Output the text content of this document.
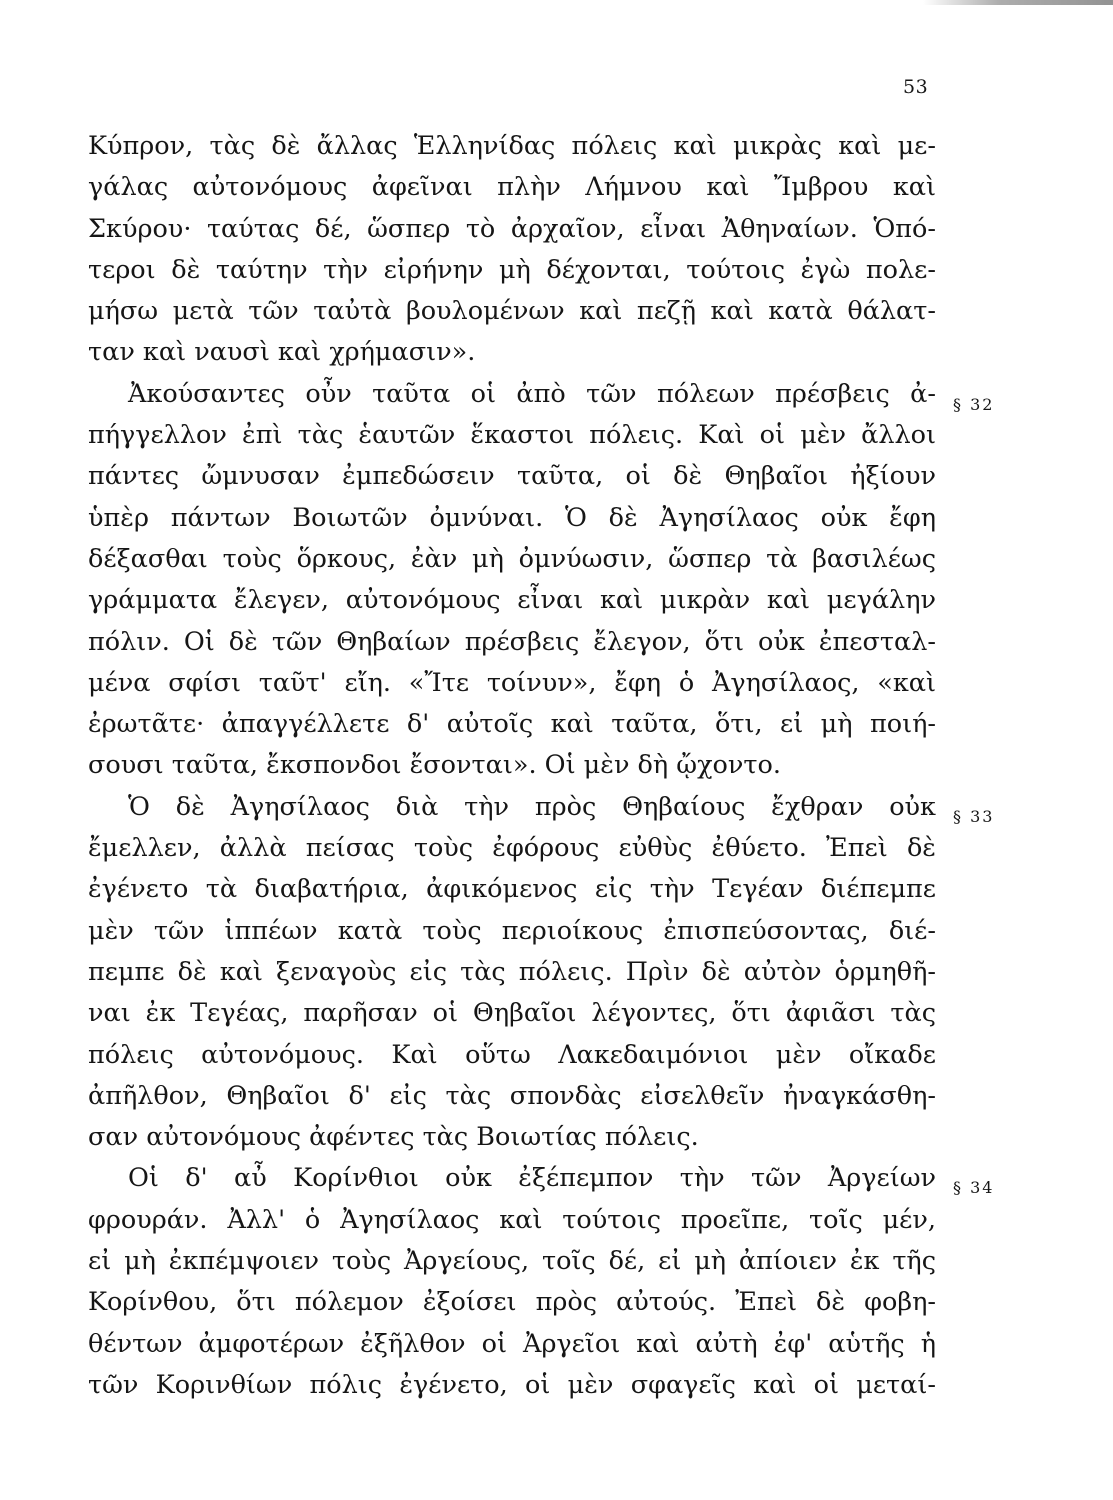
53
Κύπρον, τὰς δὲ ἄλλας Ἑλληνίδας πόλεις καὶ μικρὰς καὶ με-
γάλας αὐτονόμους ἀφεῖναι πλὴν Λήμνου καὶ Ἴμβρου καὶ
Σκύρου· ταύτας δέ, ὥσπερ τὸ ἀρχαῖον, εἶναι Ἀθηναίων. Ὁπό-
τεροι δὲ ταύτην τὴν εἰρήνην μὴ δέχονται, τούτοις ἐγὼ πολε-
μήσω μετὰ τῶν ταὐτὰ βουλομένων καὶ πεζῇ καὶ κατὰ θάλατ-
ταν καὶ ναυσὶ καὶ χρήμασιν».
Ἀκούσαντες οὖν ταῦτα οἱ ἀπὸ τῶν πόλεων πρέσβεις ἀ-
πήγγελλον ἐπὶ τὰς ἑαυτῶν ἕκαστοι πόλεις. Καὶ οἱ μὲν ἄλλοι
πάντες ὤμνυσαν ἐμπεδώσειν ταῦτα, οἱ δὲ Θηβαῖοι ἠξίουν
ὑπὲρ πάντων Βοιωτῶν ὀμνύναι. Ὁ δὲ Ἀγησίλαος οὐκ ἔφη
δέξασθαι τοὺς ὅρκους, ἐὰν μὴ ὀμνύωσιν, ὥσπερ τὰ βασιλέως
γράμματα ἔλεγεν, αὐτονόμους εἶναι καὶ μικρὰν καὶ μεγάλην
πόλιν. Οἱ δὲ τῶν Θηβαίων πρέσβεις ἔλεγον, ὅτι οὐκ ἐπεσταλ-
μένα σφίσι ταῦτ' εἴη. «Ἴτε τοίνυν», ἔφη ὁ Ἀγησίλαος, «καὶ
ἐρωτᾶτε· ἀπαγγέλλετε δ' αὐτοῖς καὶ ταῦτα, ὅτι, εἰ μὴ ποιή-
σουσι ταῦτα, ἔκσπονδοι ἔσονται». Οἱ μὲν δὴ ᾤχοντο.
Ὁ δὲ Ἀγησίλαος διὰ τὴν πρὸς Θηβαίους ἔχθραν οὐκ
ἔμελλεν, ἀλλὰ πείσας τοὺς ἐφόρους εὐθὺς ἐθύετο. Ἐπεὶ δὲ
ἐγένετο τὰ διαβατήρια, ἀφικόμενος εἰς τὴν Τεγέαν διέπεμπε
μὲν τῶν ἱππέων κατὰ τοὺς περιοίκους ἐπισπεύσοντας, διέ-
πεμπε δὲ καὶ ξεναγοὺς εἰς τὰς πόλεις. Πρὶν δὲ αὐτὸν ὁρμηθῆ-
ναι ἐκ Τεγέας, παρῆσαν οἱ Θηβαῖοι λέγοντες, ὅτι ἀφιᾶσι τὰς
πόλεις αὐτονόμους. Καὶ οὕτω Λακεδαιμόνιοι μὲν οἴκαδε
ἀπῆλθον, Θηβαῖοι δ' εἰς τὰς σπονδὰς εἰσελθεῖν ἠναγκάσθη-
σαν αὐτονόμους ἀφέντες τὰς Βοιωτίας πόλεις.
Οἱ δ' αὖ Κορίνθιοι οὐκ ἐξέπεμπον τὴν τῶν Ἀργείων
φρουράν. Ἀλλ' ὁ Ἀγησίλαος καὶ τούτοις προεῖπε, τοῖς μέν,
εἰ μὴ ἐκπέμψοιεν τοὺς Ἀργείους, τοῖς δέ, εἰ μὴ ἀπίοιεν ἐκ τῆς
Κορίνθου, ὅτι πόλεμον ἐξοίσει πρὸς αὐτούς. Ἐπεὶ δὲ φοβη-
θέντων ἀμφοτέρων ἐξῆλθον οἱ Ἀργεῖοι καὶ αὐτὴ ἐφ' αὑτῆς ἡ
τῶν Κορινθίων πόλις ἐγένετο, οἱ μὲν σφαγεῖς καὶ οἱ μεταί-
§ 32
§ 33
§ 34
